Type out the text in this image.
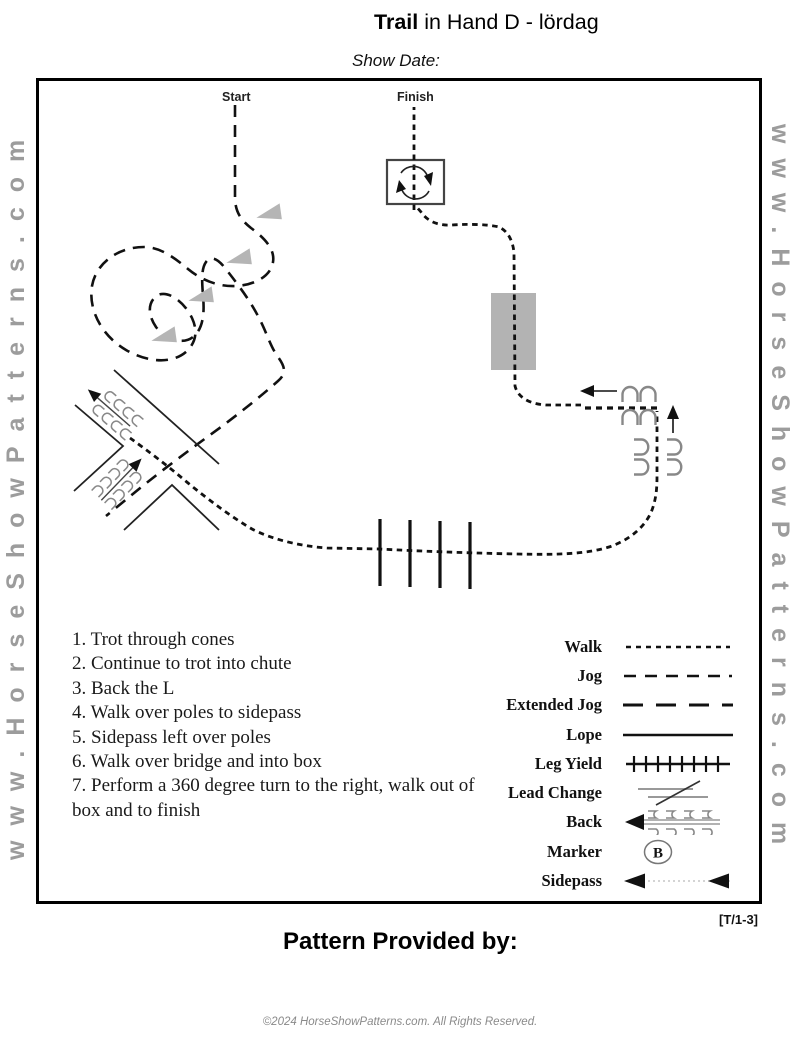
Trail in Hand D - lördag
Show Date:
www.HorseShowPatterns.com	www.HorseShowPatterns.com
Start	Finish
1. Trot through cones
2. Continue to trot into chute
3. Back the L
4. Walk over poles to sidepass
5. Sidepass left over poles
6. Walk over bridge and into box
7. Perform a 360 degree turn to the right, walk out of box and to finish
Walk
Jog
Extended Jog
Lope
Leg Yield
Lead Change
Back
Marker	B
Sidepass
[T/1-3]
Pattern Provided by:
©2024 HorseShowPatterns.com. All Rights Reserved.
